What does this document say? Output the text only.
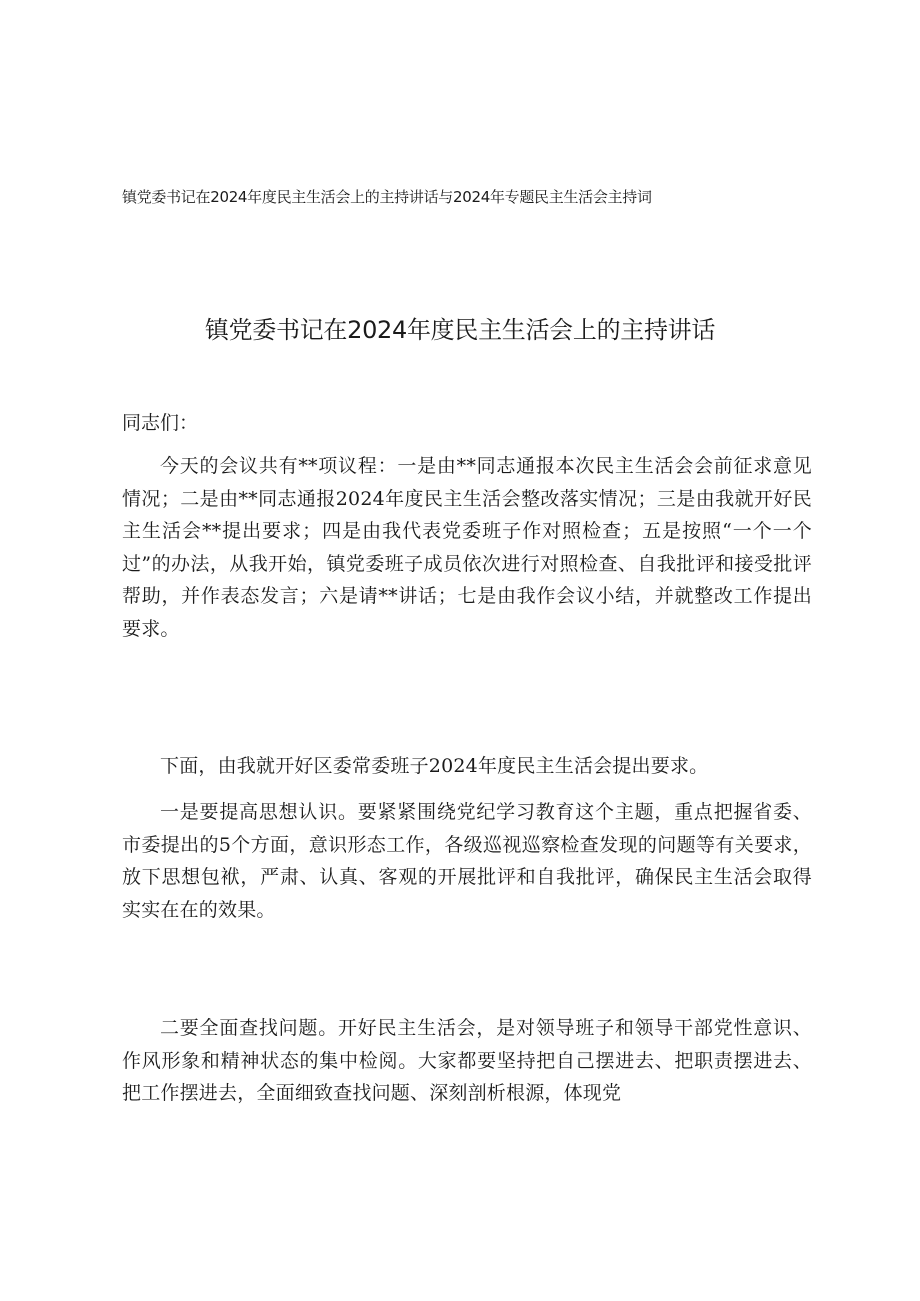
镇党委书记在2024年度民主生活会上的主持讲话与2024年专题民主生活会主持词
镇党委书记在2024年度民主生活会上的主持讲话
同志们：

今天的会议共有**项议程：一是由**同志通报本次民主生活会会前征求意见情况；二是由**同志通报2024年度民主生活会整改落实情况；三是由我就开好民主生活会**提出要求；四是由我代表党委班子作对照检查；五是按照“一个一个过”的办法，从我开始，镇党委班子成员依次进行对照检查、自我批评和接受批评帮助，并作表态发言；六是请**讲话；七是由我作会议小结，并就整改工作提出要求。

下面，由我就开好区委常委班子2024年度民主生活会提出要求。

一是要提高思想认识。要紧紧围绕党纪学习教育这个主题，重点把握省委、市委提出的5个方面，意识形态工作，各级巡视巡察检查发现的问题等有关要求，放下思想包袱，严肃、认真、客观的开展批评和自我批评，确保民主生活会取得实实在在的效果。

二要全面查找问题。开好民主生活会，是对领导班子和领导干部党性意识、作风形象和精神状态的集中检阅。大家都要坚持把自己摆进去、把职责摆进去、把工作摆进去，全面细致查找问题、深刻剖析根源，体现党
